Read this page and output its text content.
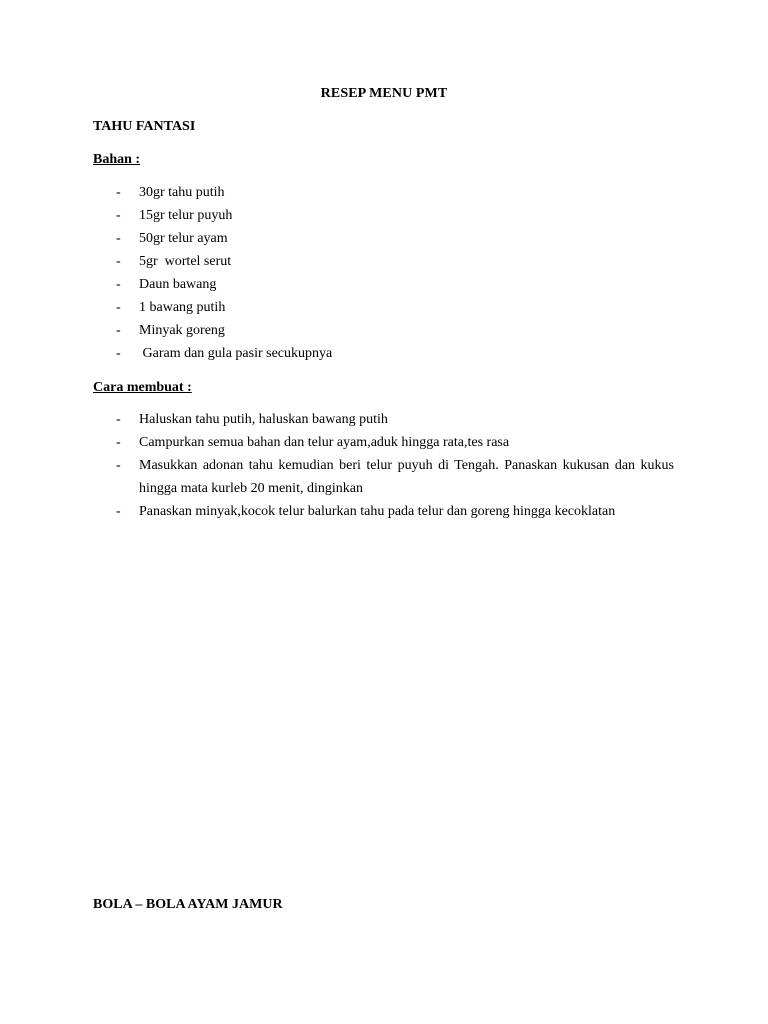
RESEP MENU PMT
TAHU FANTASI
Bahan :
- 30gr tahu putih
- 15gr telur puyuh
- 50gr telur ayam
- 5gr  wortel serut
- Daun bawang
- 1 bawang putih
- Minyak goreng
- Garam dan gula pasir secukupnya
Cara membuat :
- Haluskan tahu putih, haluskan bawang putih
- Campurkan semua bahan dan telur ayam,aduk hingga rata,tes rasa
- Masukkan adonan tahu kemudian beri telur puyuh di Tengah. Panaskan kukusan dan kukus hingga mata kurleb 20 menit, dinginkan
- Panaskan minyak,kocok telur balurkan tahu pada telur dan goreng hingga kecoklatan
BOLA – BOLA AYAM JAMUR
